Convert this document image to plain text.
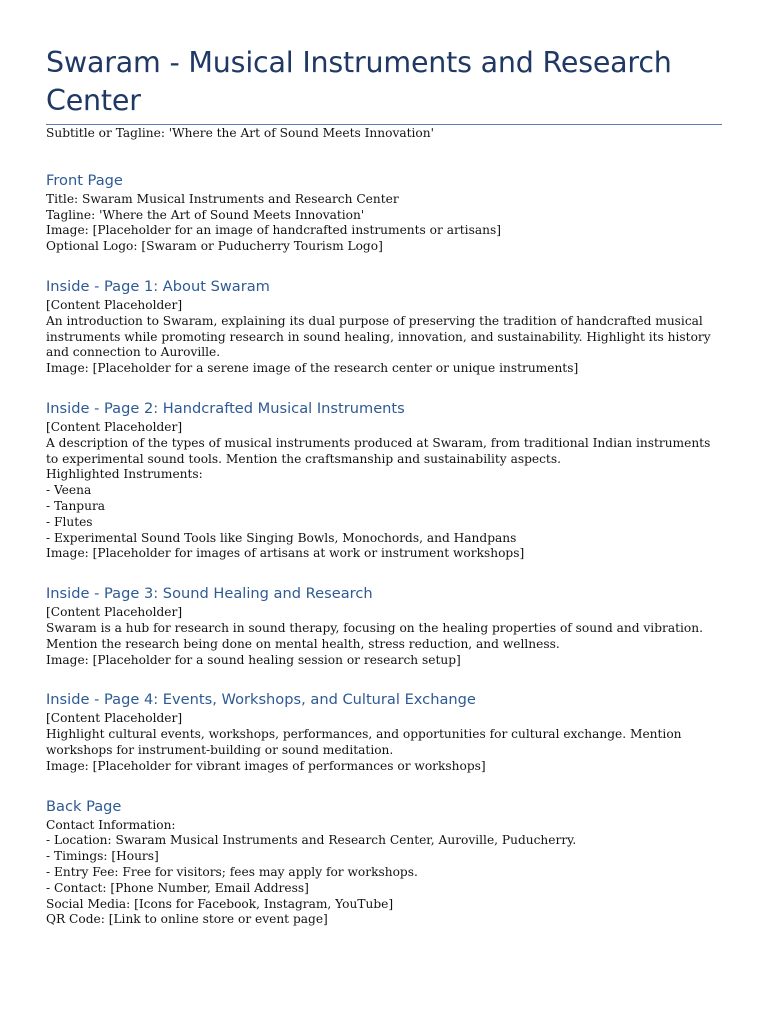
Swaram - Musical Instruments and Research Center

Subtitle or Tagline: 'Where the Art of Sound Meets Innovation'

Front Page
Title: Swaram Musical Instruments and Research Center
Tagline: 'Where the Art of Sound Meets Innovation'
Image: [Placeholder for an image of handcrafted instruments or artisans]
Optional Logo: [Swaram or Puducherry Tourism Logo]
Inside - Page 1: About Swaram
[Content Placeholder]
An introduction to Swaram, explaining its dual purpose of preserving the tradition of handcrafted musical instruments while promoting research in sound healing, innovation, and sustainability. Highlight its history and connection to Auroville.
Image: [Placeholder for a serene image of the research center or unique instruments]
Inside - Page 2: Handcrafted Musical Instruments
[Content Placeholder]
A description of the types of musical instruments produced at Swaram, from traditional Indian instruments to experimental sound tools. Mention the craftsmanship and sustainability aspects.
Highlighted Instruments:
- Veena
- Tanpura
- Flutes
- Experimental Sound Tools like Singing Bowls, Monochords, and Handpans
Image: [Placeholder for images of artisans at work or instrument workshops]
Inside - Page 3: Sound Healing and Research
[Content Placeholder]
Swaram is a hub for research in sound therapy, focusing on the healing properties of sound and vibration. Mention the research being done on mental health, stress reduction, and wellness.
Image: [Placeholder for a sound healing session or research setup]
Inside - Page 4: Events, Workshops, and Cultural Exchange
[Content Placeholder]
Highlight cultural events, workshops, performances, and opportunities for cultural exchange. Mention workshops for instrument-building or sound meditation.
Image: [Placeholder for vibrant images of performances or workshops]
Back Page
Contact Information:
- Location: Swaram Musical Instruments and Research Center, Auroville, Puducherry.
- Timings: [Hours]
- Entry Fee: Free for visitors; fees may apply for workshops.
- Contact: [Phone Number, Email Address]
Social Media: [Icons for Facebook, Instagram, YouTube]
QR Code: [Link to online store or event page]
